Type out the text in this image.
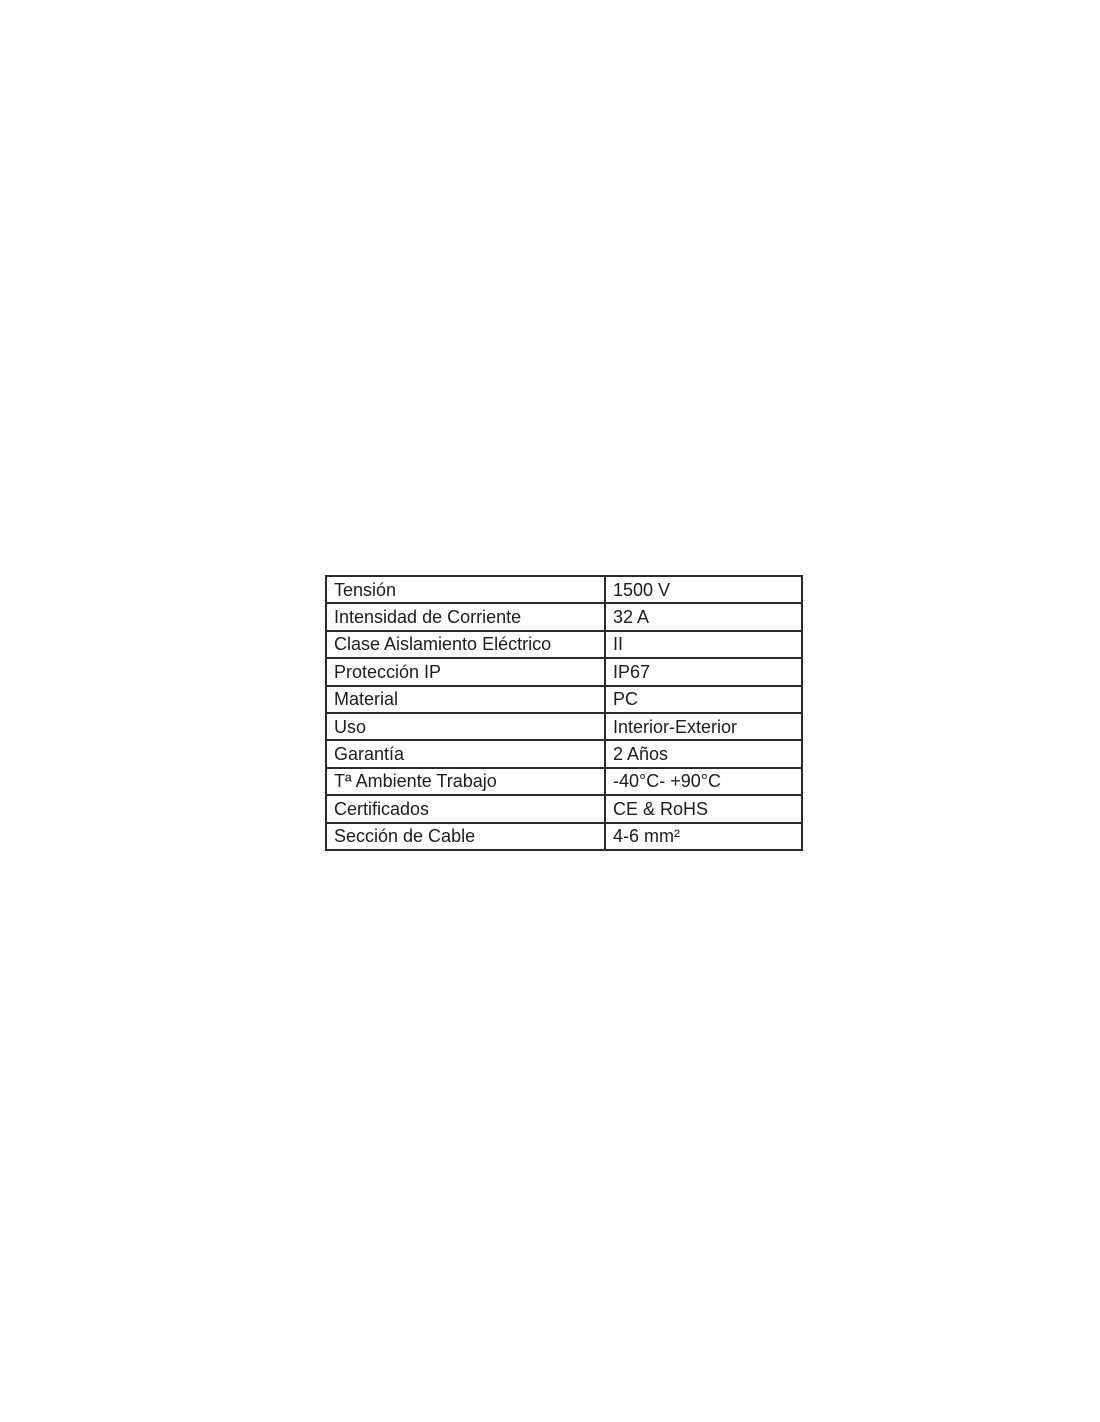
Tensión	1500 V
Intensidad de Corriente	32 A
Clase Aislamiento Eléctrico	II
Protección IP	IP67
Material	PC
Uso	Interior-Exterior
Garantía	2 Años
Tª Ambiente Trabajo	-40°C- +90°C
Certificados	CE & RoHS
Sección de Cable	4-6 mm²
